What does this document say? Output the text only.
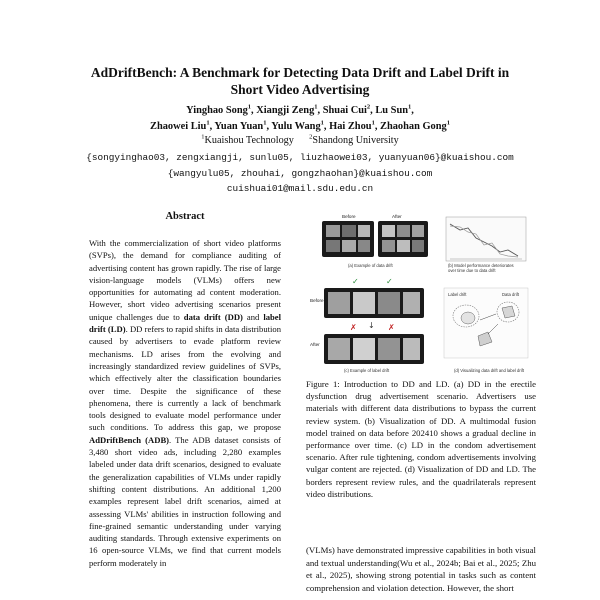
AdDriftBench: A Benchmark for Detecting Data Drift and Label Drift in
Short Video Advertising
Yinghao Song$^1$, Xiangji Zeng$^1$, Shuai Cui$^2$, Lu Sun$^1$,
Zhaowei Liu$^1$, Yuan Yuan$^1$, Yulu Wang$^1$, Hai Zhou$^1$, Zhaohan Gong$^1$
$^1$Kuaishou Technology $^2$Shandong University
{songyinghao03, zengxiangji, sunlu05, liuzhaowei03, yuanyuan06}@kuaishou.com
{wangyulu05, zhouhai, gongzhaohan}@kuaishou.com
cuishuai01@mail.sdu.edu.cn
Abstract

With the commercialization of short video platforms (SVPs), the demand for compliance auditing of advertising content has grown rapidly. The rise of large vision-language models (VLMs) offers new opportunities for automating ad content moderation. However, short video advertising scenarios present unique challenges due to data drift (DD) and label drift (LD). DD refers to rapid shifts in data distribution caused by advertisers to evade platform review mechanisms. LD arises from the evolving and increasingly standardized review guidelines of SVPs, which effectively alter the classification boundaries over time. Despite the significance of these phenomena, there is currently a lack of benchmark tools designed to evaluate model performance under such conditions. To address this gap, we propose AdDriftBench (ADB). The ADB dataset consists of 3,480 short video ads, including 2,280 examples labeled under data drift scenarios, designed to evaluate the generalization capabilities of VLMs under rapidly shifting content distributions. An additional 1,200 examples represent label drift scenarios, aimed at assessing VLMs' abilities in instruction following and fine-grained semantic understanding under varying auditing standards. Through extensive experiments on 16 open-source VLMs, we find that current models perform moderately in

Before	After
(a) Example of data drift	(b) Model performance deteriorates
over time due to data drift
Before
After
✓	✓
↓
✗	✗
(c) Example of label drift
Label drift	Data drift
(d) Visualizing data drift and label drift

Figure 1: Introduction to DD and LD. (a) DD in the erectile dysfunction drug advertisement scenario. Advertisers use materials with different data distributions to bypass the current review system. (b) Visualization of DD. A multimodal fusion model trained on data before 202410 shows a gradual decline in performance over time. (c) LD in the condom advertisement scenario. After rule tightening, condom advertisements involving vulgar content are rejected. (d) Visualization of DD and LD. The borders represent review rules, and the quadrilaterals represent video distributions.

(VLMs) have demonstrated impressive capabilities in both visual and textual understanding(Wu et al., 2024b; Bai et al., 2025; Zhu et al., 2025), showing strong potential in tasks such as content comprehension and violation detection. However, the short
